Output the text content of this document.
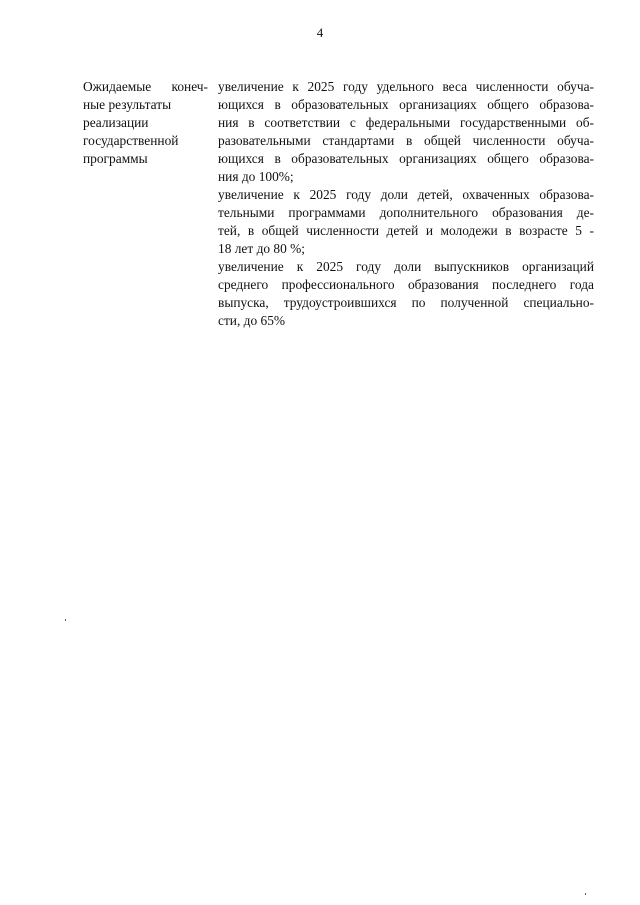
4
Ожидаемые конеч-
ные результаты
реализации
государственной
программы
увеличение к 2025 году удельного веса численности обуча-
ющихся в образовательных организациях общего образова-
ния в соответствии с федеральными государственными об-
разовательными стандартами в общей численности обуча-
ющихся в образовательных организациях общего образова-
ния до 100%;
увеличение к 2025 году доли детей, охваченных образова-
тельными программами дополнительного образования де-
тей, в общей численности детей и молодежи в возрасте 5 -
18 лет до 80 %;
увеличение к 2025 году доли выпускников организаций
среднего профессионального образования последнего года
выпуска, трудоустроившихся по полученной специально-
сти, до 65%
